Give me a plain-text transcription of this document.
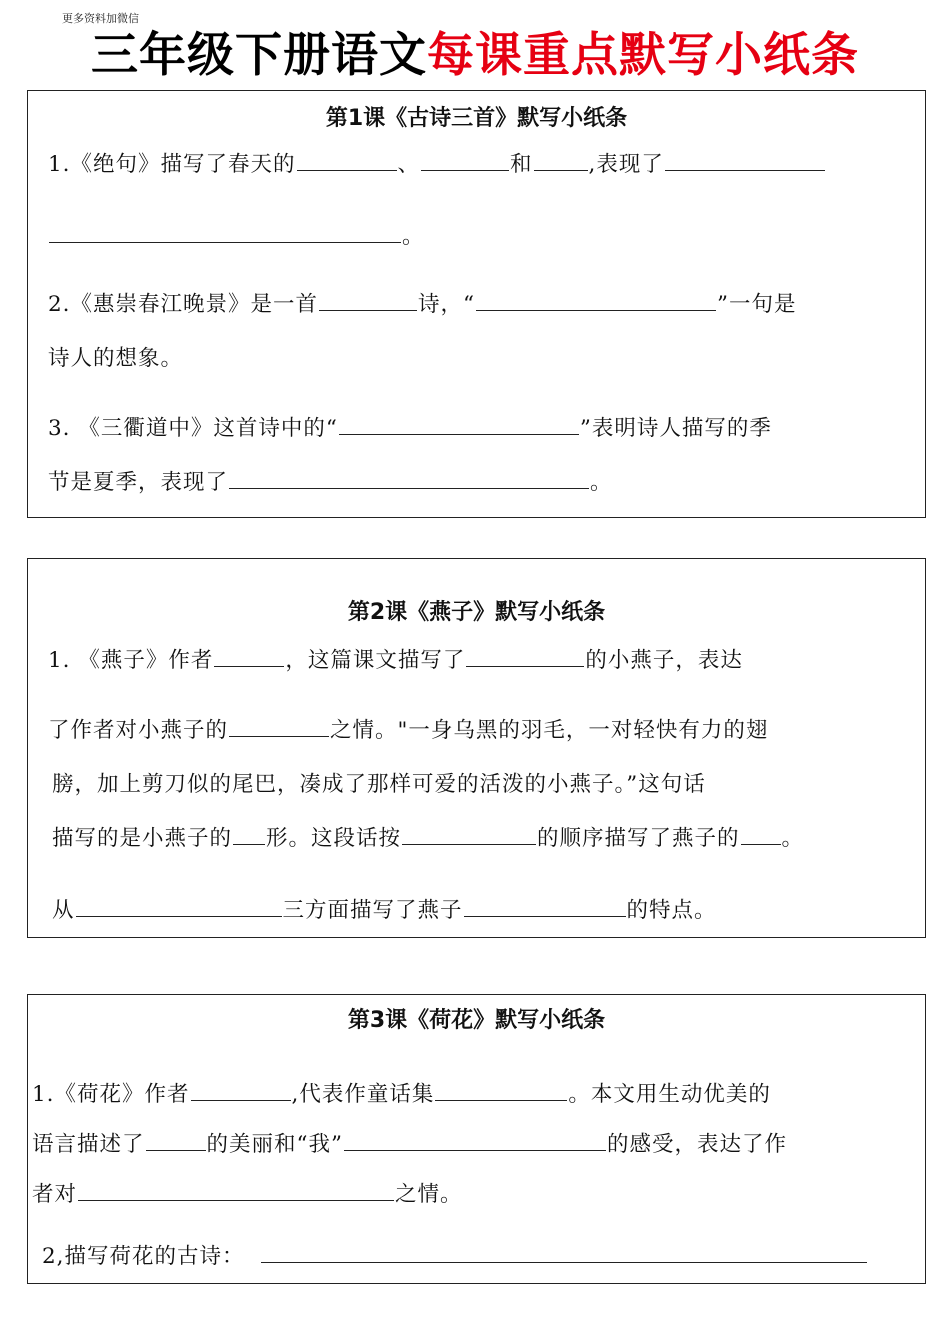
更多资料加微信
三年级下册语文每课重点默写小纸条
第1课《古诗三首》默写小纸条
1.《绝句》描写了春天的	、	和	,表现了
。
2.《惠崇春江晚景》是一首	诗，“	”一句是
诗人的想象。
3. 《三衢道中》这首诗中的“	”表明诗人描写的季
节是夏季，表现了	。
第2课《燕子》默写小纸条
1. 《燕子》作者	，这篇课文描写了	的小燕子，表达
了作者对小燕子的	之情。"一身乌黑的羽毛，一对轻快有力的翅
膀，加上剪刀似的尾巴，凑成了那样可爱的活泼的小燕子。”这句话
描写的是小燕子的 形。这段话按	的顺序描写了燕子的 。
从	三方面描写了燕子	的特点。
第3课《荷花》默写小纸条
1.《荷花》作者	,代表作童话集	。本文用生动优美的
语言描述了	的美丽和“我”	的感受，表达了作
者对	之情。
2,描写荷花的古诗：
